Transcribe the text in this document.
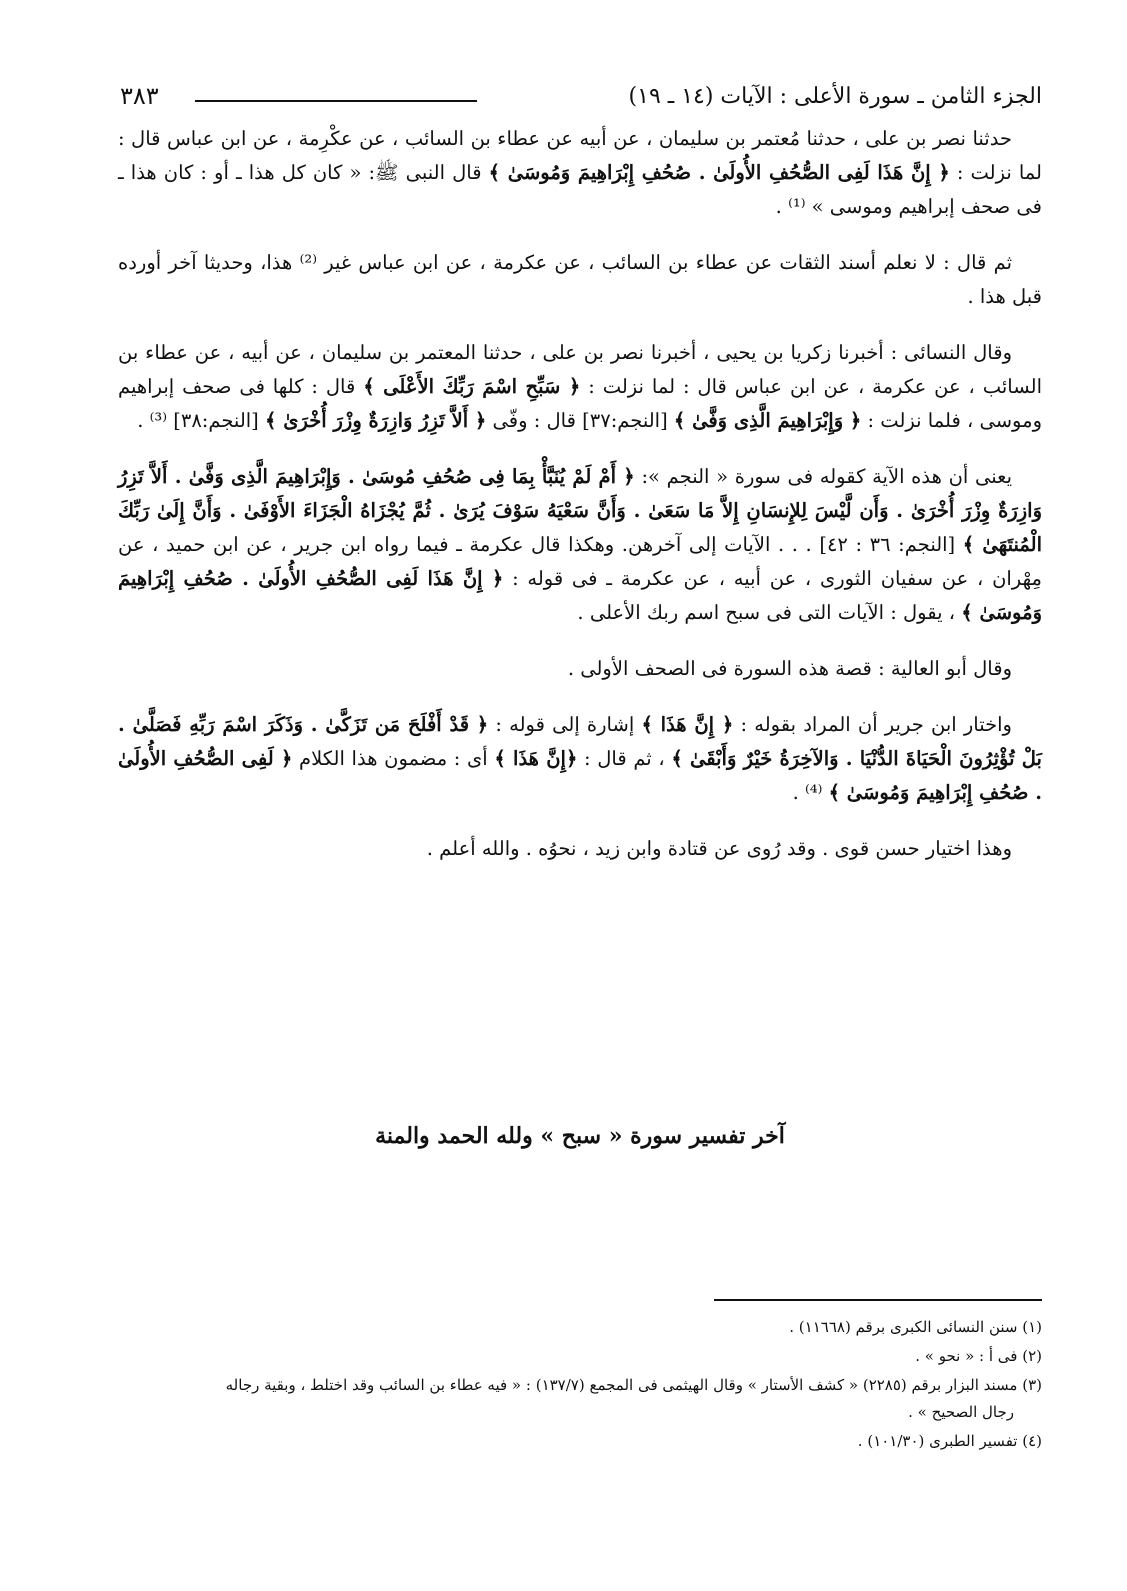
الجزء الثامن ـ سورة الأعلى : الآيات (١٤ ـ ١٩)
٣٨٣

حدثنا نصر بن على ، حدثنا مُعتمر بن سليمان ، عن أبيه عن عطاء بن السائب ، عن عكْرِمة ، عن ابن عباس قال : لما نزلت : ﴿ إِنَّ هَذَا لَفِى الصُّحُفِ الأُولَىٰ . صُحُفِ إِبْرَاهِيمَ وَمُوسَىٰ ﴾ قال النبى ﷺ: « كان كل هذا ـ أو : كان هذا ـ فى صحف إبراهيم وموسى » ⁽¹⁾ .

ثم قال : لا نعلم أسند الثقات عن عطاء بن السائب ، عن عكرمة ، عن ابن عباس غير ⁽²⁾ هذا، وحديثا آخر أورده قبل هذا .

وقال النسائى : أخبرنا زكريا بن يحيى ، أخبرنا نصر بن على ، حدثنا المعتمر بن سليمان ، عن أبيه ، عن عطاء بن السائب ، عن عكرمة ، عن ابن عباس قال : لما نزلت : ﴿ سَبِّحِ اسْمَ رَبِّكَ الأَعْلَى ﴾ قال : كلها فى صحف إبراهيم وموسى ، فلما نزلت : ﴿ وَإِبْرَاهِيمَ الَّذِى وَفَّىٰ ﴾ [النجم:٣٧] قال : وفّى ﴿ أَلاَّ تَزِرُ وَازِرَةٌ وِزْرَ أُخْرَىٰ ﴾ [النجم:٣٨] ⁽³⁾ .

يعنى أن هذه الآية كقوله فى سورة « النجم »: ﴿ أَمْ لَمْ يُنَبَّأْ بِمَا فِى صُحُفِ مُوسَىٰ . وَإِبْرَاهِيمَ الَّذِى وَفَّىٰ . أَلاَّ تَزِرُ وَازِرَةٌ وِزْرَ أُخْرَىٰ . وَأَن لَّيْسَ لِلإِنسَانِ إِلاَّ مَا سَعَىٰ . وَأَنَّ سَعْيَهُ سَوْفَ يُرَىٰ . ثُمَّ يُجْزَاهُ الْجَزَاءَ الأَوْفَىٰ . وَأَنَّ إِلَىٰ رَبِّكَ الْمُنتَهَىٰ ﴾ [النجم: ٣٦ : ٤٢] . . . الآيات إلى آخرهن. وهكذا قال عكرمة ـ فيما رواه ابن جرير ، عن ابن حميد ، عن مِهْران ، عن سفيان الثورى ، عن أبيه ، عن عكرمة ـ فى قوله : ﴿ إِنَّ هَذَا لَفِى الصُّحُفِ الأُولَىٰ . صُحُفِ إِبْرَاهِيمَ وَمُوسَىٰ ﴾ ، يقول : الآيات التى فى سبح اسم ربك الأعلى .

وقال أبو العالية : قصة هذه السورة فى الصحف الأولى .

واختار ابن جرير أن المراد بقوله : ﴿ إِنَّ هَذَا ﴾ إشارة إلى قوله : ﴿ قَدْ أَفْلَحَ مَن تَزَكَّىٰ . وَذَكَرَ اسْمَ رَبِّهِ فَصَلَّىٰ . بَلْ تُؤْثِرُونَ الْحَيَاةَ الدُّنْيَا . وَالآخِرَةُ خَيْرٌ وَأَبْقَىٰ ﴾ ، ثم قال : ﴿إِنَّ هَذَا ﴾ أى : مضمون هذا الكلام ﴿ لَفِى الصُّحُفِ الأُولَىٰ . صُحُفِ إِبْرَاهِيمَ وَمُوسَىٰ ﴾ ⁽⁴⁾ .

وهذا اختيار حسن قوى . وقد رُوى عن قتادة وابن زيد ، نحوُه . والله أعلم .

آخر تفسير سورة « سبح » ولله الحمد والمنة

(١) سنن النسائى الكبرى برقم (١١٦٦٨) .

(٢) فى أ : « نحو » .

(٣) مسند البزار برقم (٢٢٨٥) « كشف الأستار » وقال الهيثمى فى المجمع (١٣٧/٧) : « فيه عطاء بن السائب وقد اختلط ، وبقية رجاله
رجال الصحيح » .

(٤) تفسير الطبرى (١٠١/٣٠) .
